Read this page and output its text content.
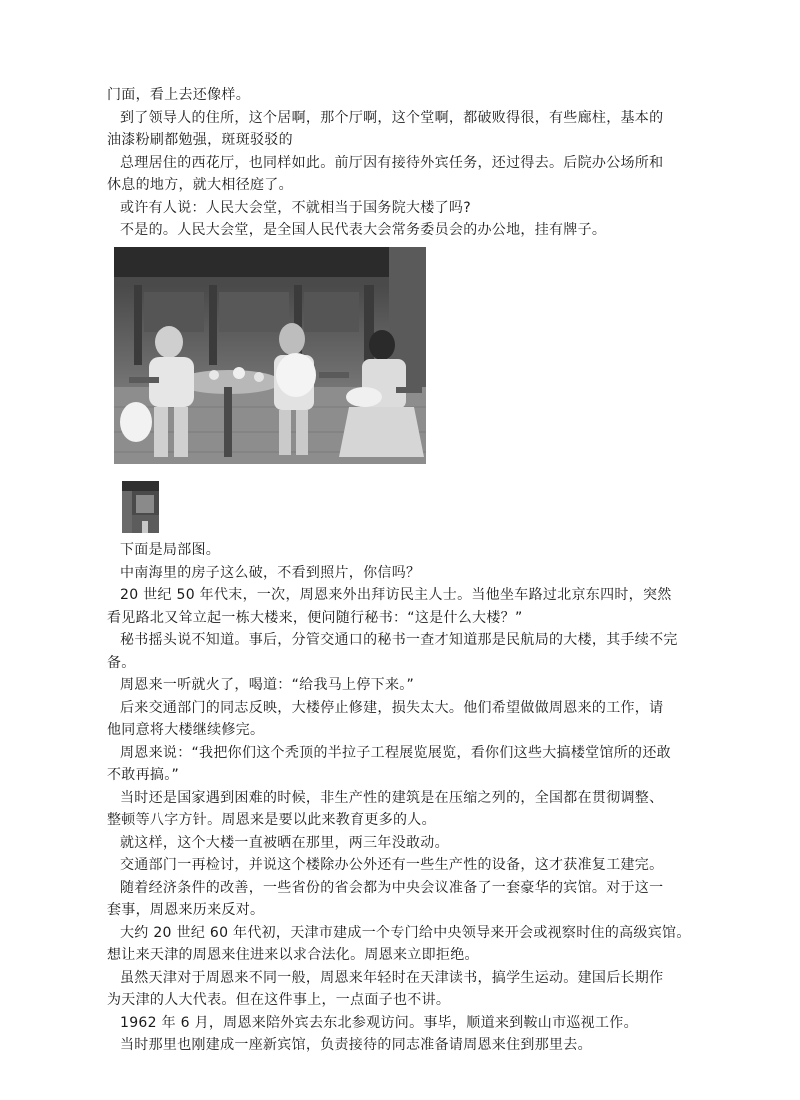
门面，看上去还像样。
到了领导人的住所，这个居啊，那个厅啊，这个堂啊，都破败得很，有些廊柱，基本的
油漆粉刷都勉强，斑斑驳驳的
总理居住的西花厅，也同样如此。前厅因有接待外宾任务，还过得去。后院办公场所和
休息的地方，就大相径庭了。
或许有人说：人民大会堂，不就相当于国务院大楼了吗?
不是的。人民大会堂，是全国人民代表大会常务委员会的办公地，挂有牌子。
下面是局部图。
中南海里的房子这么破，不看到照片，你信吗？
20 世纪 50 年代末，一次，周恩来外出拜访民主人士。当他坐车路过北京东四时，突然
看见路北又耸立起一栋大楼来，便问随行秘书：“这是什么大楼？”
秘书摇头说不知道。事后，分管交通口的秘书一查才知道那是民航局的大楼，其手续不完
备。
周恩来一听就火了，喝道：“给我马上停下来。”
后来交通部门的同志反映，大楼停止修建，损失太大。他们希望做做周恩来的工作，请
他同意将大楼继续修完。
周恩来说：“我把你们这个秃顶的半拉子工程展览展览，看你们这些大搞楼堂馆所的还敢
不敢再搞。”
当时还是国家遇到困难的时候，非生产性的建筑是在压缩之列的，全国都在贯彻调整、
整顿等八字方针。周恩来是要以此来教育更多的人。
就这样，这个大楼一直被晒在那里，两三年没敢动。
交通部门一再检讨，并说这个楼除办公外还有一些生产性的设备，这才获准复工建完。
随着经济条件的改善，一些省份的省会都为中央会议准备了一套豪华的宾馆。对于这一
套事，周恩来历来反对。
大约 20 世纪 60 年代初，天津市建成一个专门给中央领导来开会或视察时住的高级宾馆。
想让来天津的周恩来住进来以求合法化。周恩来立即拒绝。
虽然天津对于周恩来不同一般，周恩来年轻时在天津读书，搞学生运动。建国后长期作
为天津的人大代表。但在这件事上，一点面子也不讲。
1962 年 6 月，周恩来陪外宾去东北参观访问。事毕，顺道来到鞍山市巡视工作。
当时那里也刚建成一座新宾馆，负责接待的同志准备请周恩来住到那里去。
